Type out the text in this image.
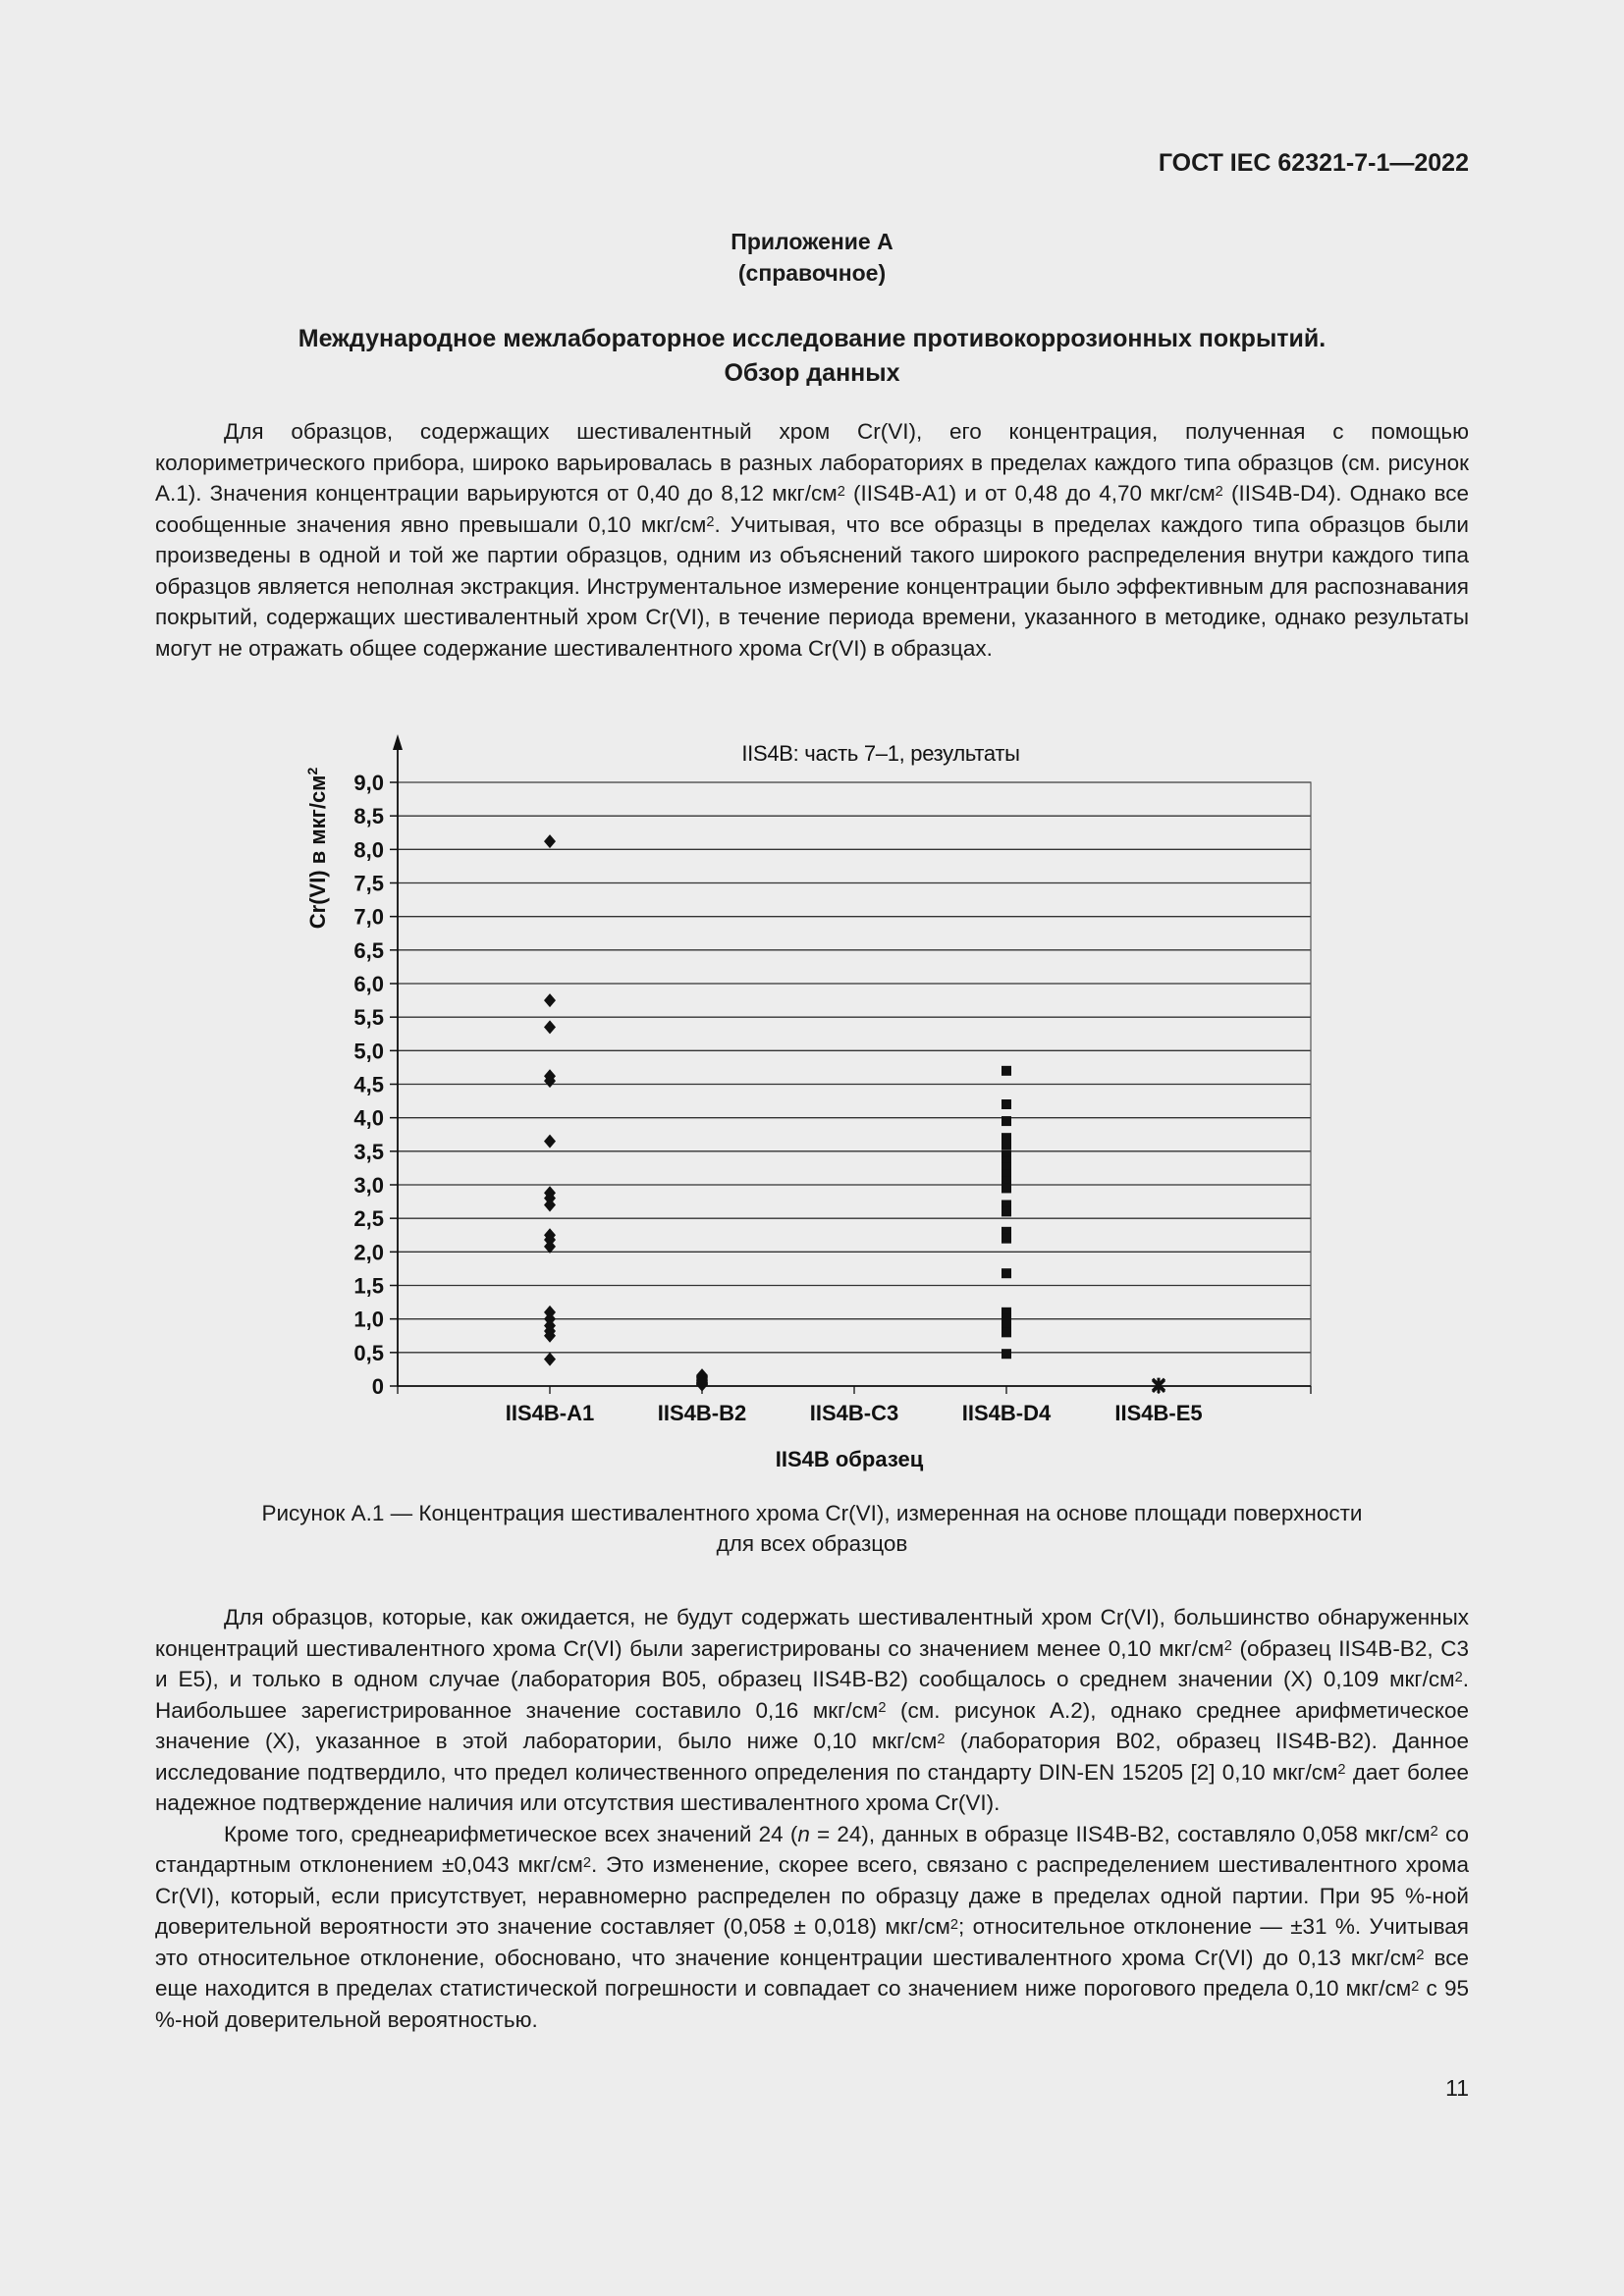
ГОСТ IEC 62321-7-1—2022
Приложение А
(справочное)
Международное межлабораторное исследование противокоррозионных покрытий.
Обзор данных

Для образцов, содержащих шестивалентный хром Cr(VI), его концентрация, полученная с помощью колориметрического прибора, широко варьировалась в разных лабораториях в пределах каждого типа образцов (см. рисунок А.1). Значения концентрации варьируются от 0,40 до 8,12 мкг/$см^2$ (IIS4B-A1) и от 0,48 до 4,70 мкг/$см^2$ (IIS4B-D4). Однако все сообщенные значения явно превышали 0,10 мкг/$см^2$. Учитывая, что все образцы в пределах каждого типа образцов были произведены в одной и той же партии образцов, одним из объяснений такого широкого распределения внутри каждого типа образцов является неполная экстракция. Инструментальное измерение концентрации было эффективным для распознавания покрытий, содержащих шестивалентный хром Cr(VI), в течение периода времени, указанного в методике, однако результаты могут не отражать общее содержание шестивалентного хрома Cr(VI) в образцах.

0
0,5
1,0
1,5
2,0
2,5
3,0
3,5
4,0
4,5
5,0
5,5
6,0
6,5
7,0
7,5
8,0
8,5
9,0
IIS4B-A1	IIS4B-B2	IIS4B-C3	IIS4B-D4	IIS4B-E5
IIS4B: часть 7–1, результаты
IIS4B образец
Cr(VI) в мкг/$см^2$
Рисунок А.1 — Концентрация шестивалентного хрома Cr(VI), измеренная на основе площади поверхности
для всех образцов

Для образцов, которые, как ожидается, не будут содержать шестивалентный хром Cr(VI), большинство обнаруженных концентраций шестивалентного хрома Cr(VI) были зарегистрированы со значением менее 0,10 мкг/$см^2$ (образец IIS4B-B2, C3 и E5), и только в одном случае (лаборатория B05, образец IIS4B-B2) сообщалось о среднем значении (X) 0,109 мкг/$см^2$. Наибольшее зарегистрированное значение составило 0,16 мкг/$см^2$ (см. рисунок А.2), однако среднее арифметическое значение (X), указанное в этой лаборатории, было ниже 0,10 мкг/$см^2$ (лаборатория B02, образец IIS4B-B2). Данное исследование подтвердило, что предел количественного определения по стандарту DIN-EN 15205 [2] 0,10 мкг/$см^2$ дает более надежное подтверждение наличия или отсутствия шестивалентного хрома Cr(VI).

Кроме того, среднеарифметическое всех значений 24 (n = 24), данных в образце IIS4B-B2, составляло 0,058 мкг/$см^2$ со стандартным отклонением ±0,043 мкг/$см^2$. Это изменение, скорее всего, связано с распределением шестивалентного хрома Cr(VI), который, если присутствует, неравномерно распределен по образцу даже в пределах одной партии. При 95 %-ной доверительной вероятности это значение составляет (0,058 ± 0,018) мкг/$см^2$; относительное отклонение — ±31 %. Учитывая это относительное отклонение, обосновано, что значение концентрации шестивалентного хрома Cr(VI) до 0,13 мкг/$см^2$ все еще находится в пределах статистической погрешности и совпадает со значением ниже порогового предела 0,10 мкг/$см^2$ с 95 %-ной доверительной вероятностью.

11
